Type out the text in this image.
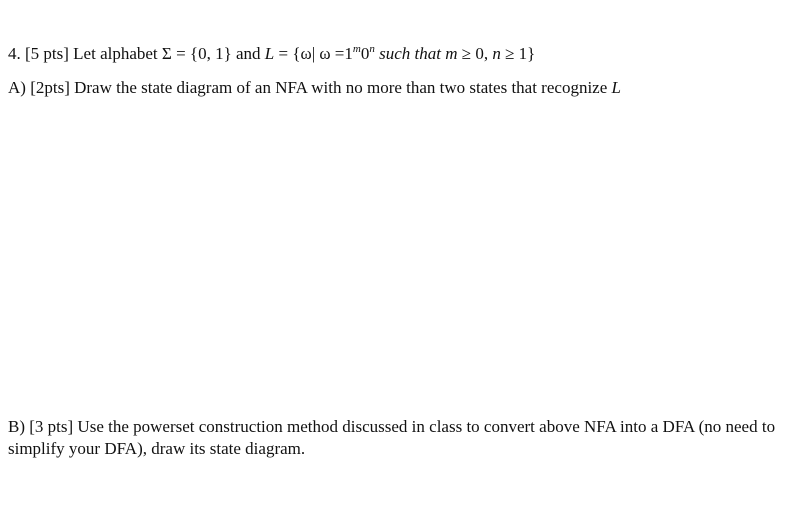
4. [5 pts] Let alphabet Σ = {0, 1} and L = {ω| $\omega =1^m0^n$ such that m ≥ 0, n ≥ 1}
A) [2pts] Draw the state diagram of an NFA with no more than two states that recognize L
B) [3 pts] Use the powerset construction method discussed in class to convert above NFA into a DFA (no need to simplify your DFA), draw its state diagram.
